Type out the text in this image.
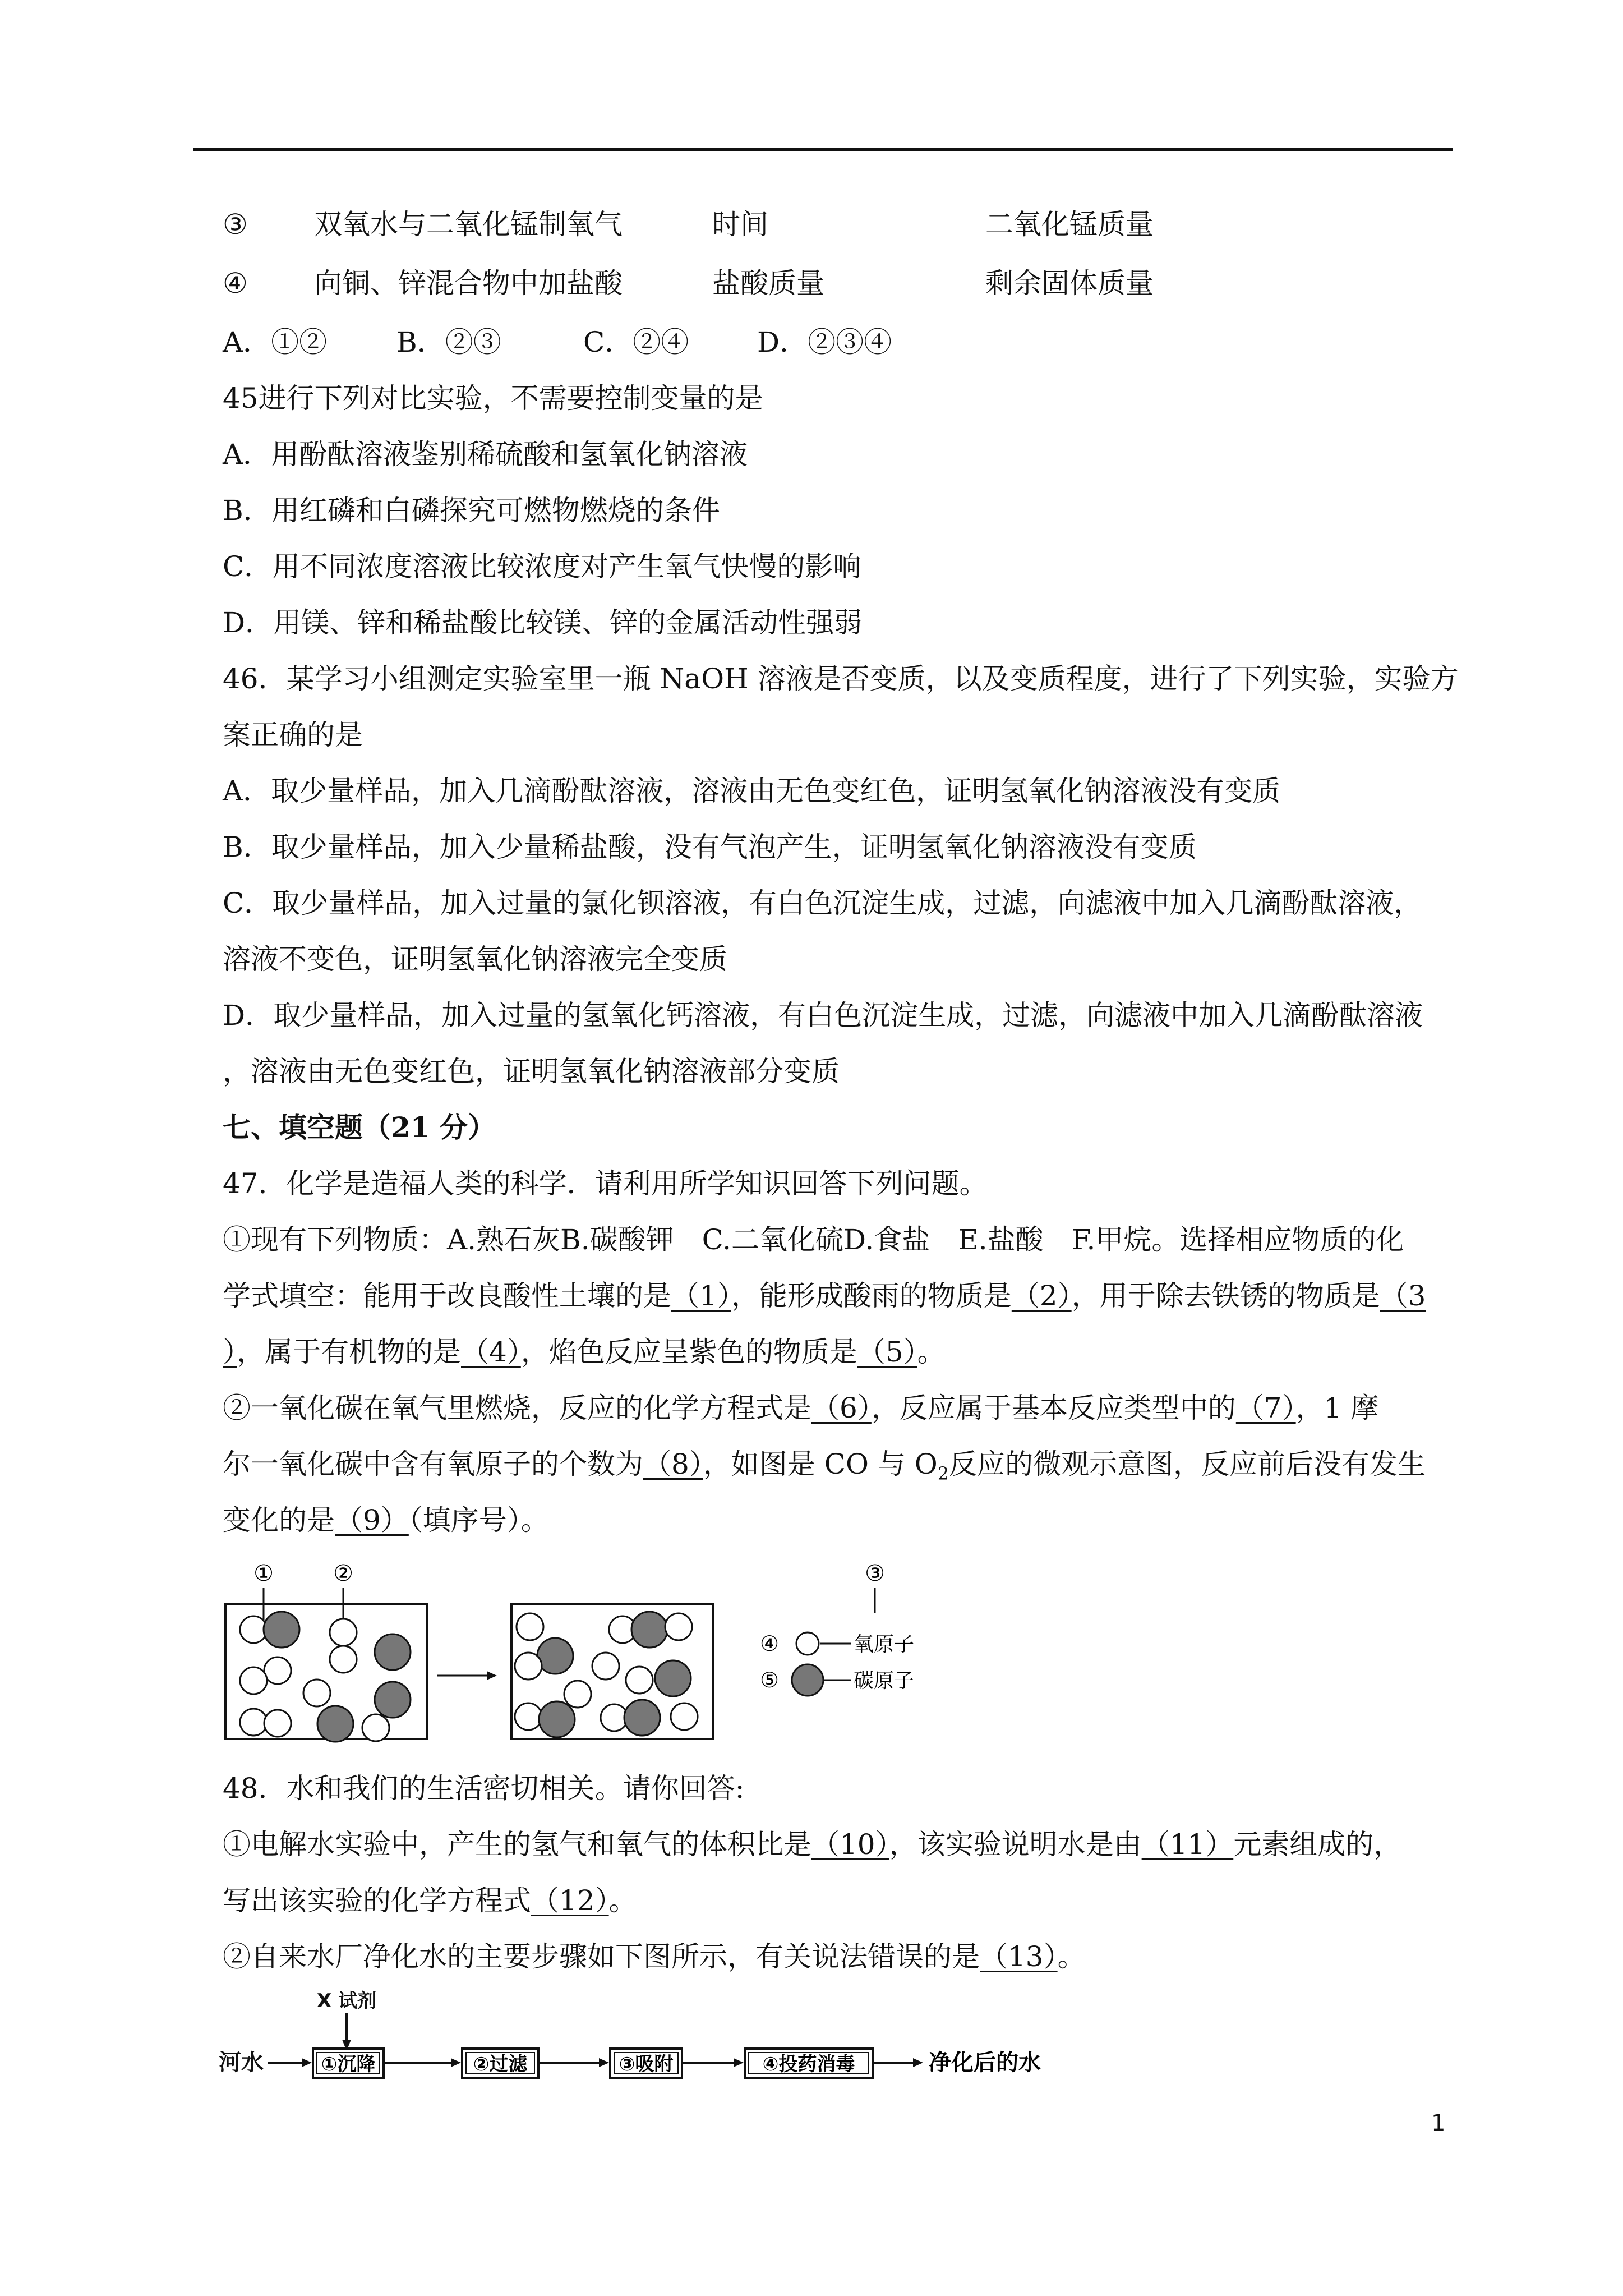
③ 双氧水与二氧化锰制氧气	时间	二氧化锰质量
④ 向铜、锌混合物中加盐酸	盐酸质量	剩余固体质量
A．①② B．②③	C．②④ D．②③④
45进行下列对比实验，不需要控制变量的是
A．用酚酞溶液鉴别稀硫酸和氢氧化钠溶液
B．用红磷和白磷探究可燃物燃烧的条件
C．用不同浓度溶液比较浓度对产生氧气快慢的影响
D．用镁、锌和稀盐酸比较镁、锌的金属活动性强弱
46．某学习小组测定实验室里一瓶 NaOH 溶液是否变质，以及变质程度，进行了下列实验，实验方
案正确的是
A．取少量样品，加入几滴酚酞溶液，溶液由无色变红色，证明氢氧化钠溶液没有变质
B．取少量样品，加入少量稀盐酸，没有气泡产生，证明氢氧化钠溶液没有变质
C．取少量样品，加入过量的氯化钡溶液，有白色沉淀生成，过滤，向滤液中加入几滴酚酞溶液，
溶液不变色，证明氢氧化钠溶液完全变质
D．取少量样品，加入过量的氢氧化钙溶液，有白色沉淀生成，过滤，向滤液中加入几滴酚酞溶液
，溶液由无色变红色，证明氢氧化钠溶液部分变质
七、填空题（21 分）
47．化学是造福人类的科学．请利用所学知识回答下列问题。
①现有下列物质：A.熟石灰B.碳酸钾　C.二氧化硫D.食盐　E.盐酸　F.甲烷。选择相应物质的化
学式填空：能用于改良酸性土壤的是（1），能形成酸雨的物质是（2），用于除去铁锈的物质是（3
），属于有机物的是（4），焰色反应呈紫色的物质是（5）。
②一氧化碳在氧气里燃烧，反应的化学方程式是（6），反应属于基本反应类型中的（7），1 摩
尔一氧化碳中含有氧原子的个数为（8），如图是 CO 与 $O_2$反应的微观示意图，反应前后没有发生
变化的是（9）（填序号）。
①	②	③
④	氧原子
⑤	碳原子
48．水和我们的生活密切相关。请你回答:
①电解水实验中，产生的氢气和氧气的体积比是（10），该实验说明水是由（11）元素组成的，
写出该实验的化学方程式（12）。
②自来水厂净化水的主要步骤如下图所示，有关说法错误的是（13）。
X 试剂
河水	①沉降	②过滤	③吸附	④投药消毒	净化后的水
1
